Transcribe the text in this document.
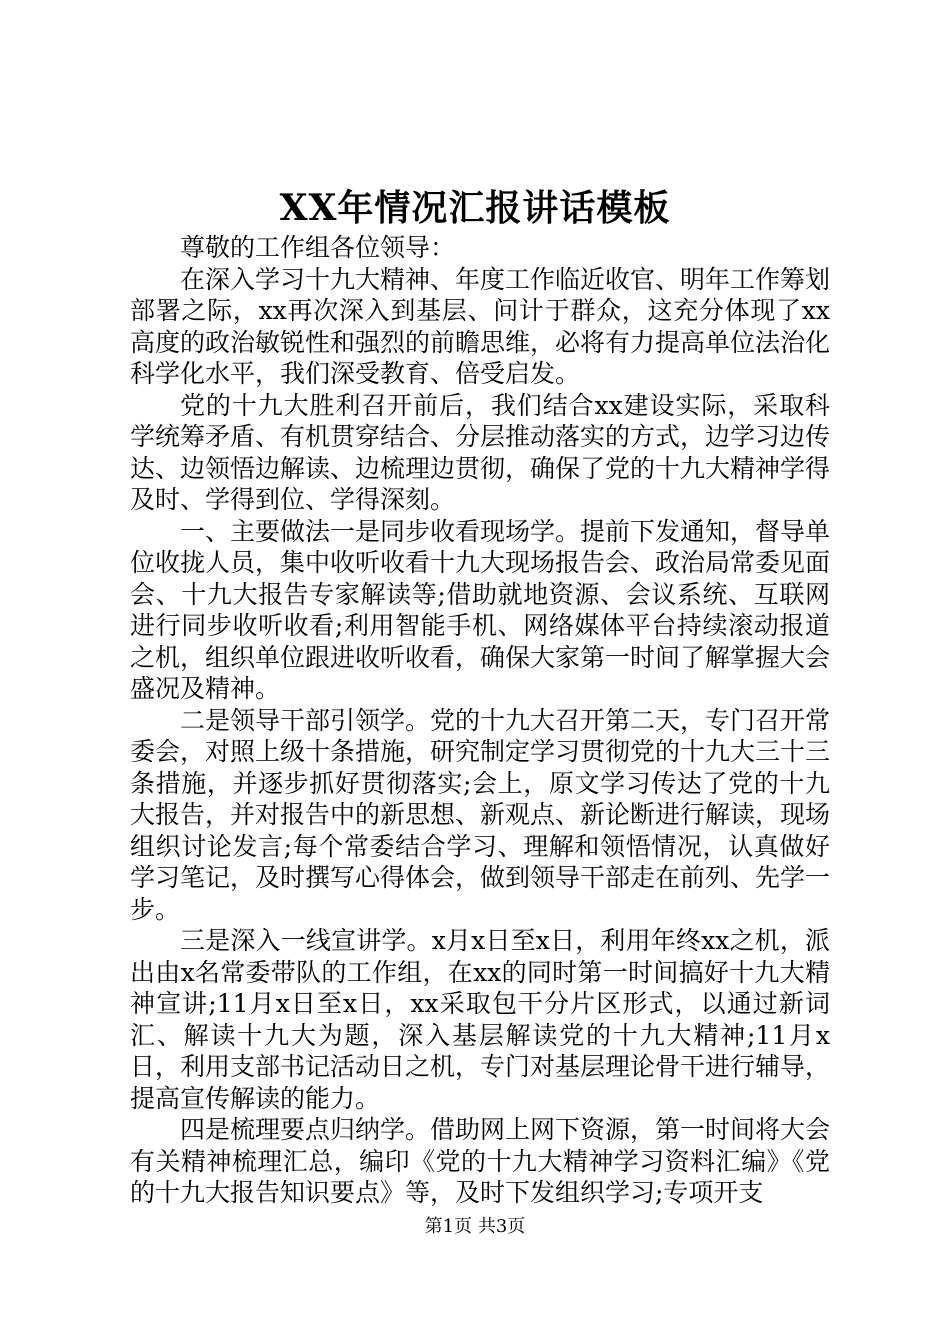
XX年情况汇报讲话模板

尊敬的工作组各位领导：

在深入学习十九大精神、年度工作临近收官、明年工作筹划部署之际，xx再次深入到基层、问计于群众，这充分体现了xx高度的政治敏锐性和强烈的前瞻思维，必将有力提高单位法治化科学化水平，我们深受教育、倍受启发。

党的十九大胜利召开前后，我们结合xx建设实际，采取科学统筹矛盾、有机贯穿结合、分层推动落实的方式，边学习边传达、边领悟边解读、边梳理边贯彻，确保了党的十九大精神学得及时、学得到位、学得深刻。

一、主要做法一是同步收看现场学。提前下发通知，督导单位收拢人员，集中收听收看十九大现场报告会、政治局常委见面会、十九大报告专家解读等;借助就地资源、会议系统、互联网进行同步收听收看;利用智能手机、网络媒体平台持续滚动报道之机，组织单位跟进收听收看，确保大家第一时间了解掌握大会盛况及精神。

二是领导干部引领学。党的十九大召开第二天，专门召开常委会，对照上级十条措施，研究制定学习贯彻党的十九大三十三条措施，并逐步抓好贯彻落实;会上，原文学习传达了党的十九大报告，并对报告中的新思想、新观点、新论断进行解读，现场组织讨论发言;每个常委结合学习、理解和领悟情况，认真做好学习笔记，及时撰写心得体会，做到领导干部走在前列、先学一步。

三是深入一线宣讲学。x月x日至x日，利用年终xx之机，派出由x名常委带队的工作组，在xx的同时第一时间搞好十九大精神宣讲;11月x日至x日，xx采取包干分片区形式，以通过新词汇、解读十九大为题，深入基层解读党的十九大精神;11月x日，利用支部书记活动日之机，专门对基层理论骨干进行辅导，提高宣传解读的能力。

四是梳理要点归纳学。借助网上网下资源，第一时间将大会有关精神梳理汇总，编印《党的十九大精神学习资料汇编》《党的十九大报告知识要点》等，及时下发组织学习;专项开支

第1页 共3页
